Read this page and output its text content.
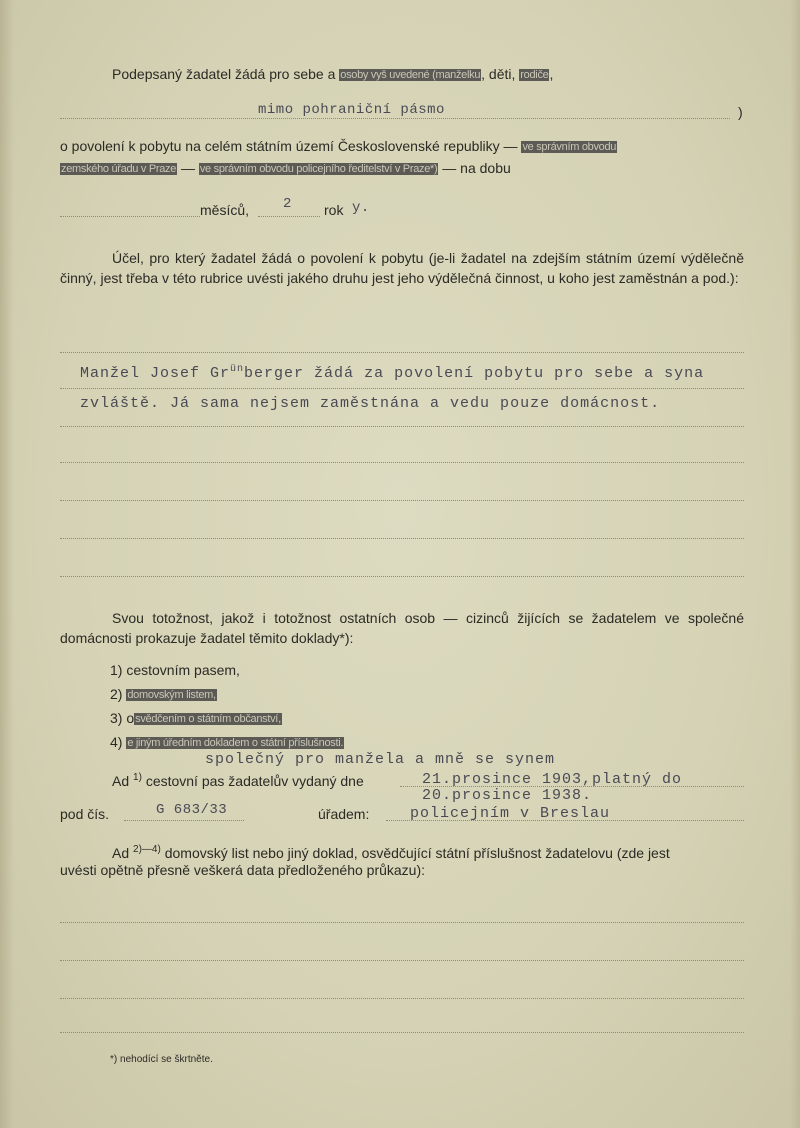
Podepsaný žadatel žádá pro sebe a osoby vyš uvedené (manželku, děti, rodiče,
mimo pohraniční pásmo	)
o povolení k pobytu na celém státním území Československé republiky — ve správním obvodu
zemského úřadu v Praze — ve správním obvodu policejního ředitelství v Praze*) — na dobu
měsíců, 2 rok y.
Účel, pro který žadatel žádá o povolení k pobytu (je-li žadatel na zdejším státním území výdělečně činný, jest třeba v této rubrice uvésti jakého druhu jest jeho výdělečná činnost, u koho jest zaměstnán a pod.):
Manžel Josef $Gr^{ün}berger$ žádá za povolení pobytu pro sebe a syna
zvláště. Já sama nejsem zaměstnána a vedu pouze domácnost.
Svou totožnost, jakož i totožnost ostatních osob — cizinců žijících se žadatelem ve společné domácnosti prokazuje žadatel těmito doklady*):
1) cestovním pasem,
2) domovským listem,
3) osvědčením o státním občanství,
4) e jiným úředním dokladem o státní příslušnosti.
společný pro manžela a mně se synem
Ad $^{1)}$ cestovní pas žadatelův vydaný dne	21.prosince 1903,platný do
20.prosince 1938.
pod čís.	G 683/33	úřadem:	policejním v Breslau
Ad $^{2)—4)}$ domovský list nebo jiný doklad, osvědčující státní příslušnost žadatelovu (zde jest
uvésti opětně přesně veškerá data předloženého průkazu):
*) nehodící se škrtněte.
